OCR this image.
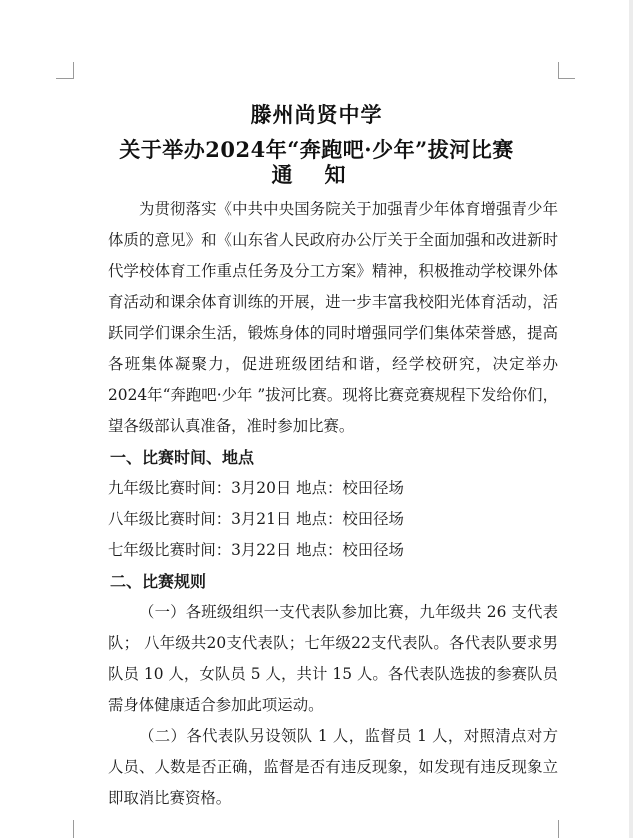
滕州尚贤中学
关于举办2024年“奔跑吧·少年”拔河比赛
通知

为贯彻落实《中共中央国务院关于加强青少年体育增强青少年体质的意见》和《山东省人民政府办公厅关于全面加强和改进新时代学校体育工作重点任务及分工方案》精神，积极推动学校课外体育活动和课余体育训练的开展，进一步丰富我校阳光体育活动，活跃同学们课余生活，锻炼身体的同时增强同学们集体荣誉感，提高各班集体凝聚力，促进班级团结和谐，经学校研究，决定举办2024年“奔跑吧·少年 ”拔河比赛。现将比赛竞赛规程下发给你们，望各级部认真准备，准时参加比赛。

一、比赛时间、地点

九年级比赛时间：3月20日 地点：校田径场

八年级比赛时间：3月21日 地点：校田径场

七年级比赛时间：3月22日 地点：校田径场

二、比赛规则

（一）各班级组织一支代表队参加比赛，九年级共 26 支代表队； 八年级共20支代表队；七年级22支代表队。各代表队要求男队员 10 人，女队员 5 人，共计 15 人。各代表队选拔的参赛队员需身体健康适合参加此项运动。

（二）各代表队另设领队 1 人，监督员 1 人，对照清点对方人员、人数是否正确，监督是否有违反现象，如发现有违反现象立即取消比赛资格。
